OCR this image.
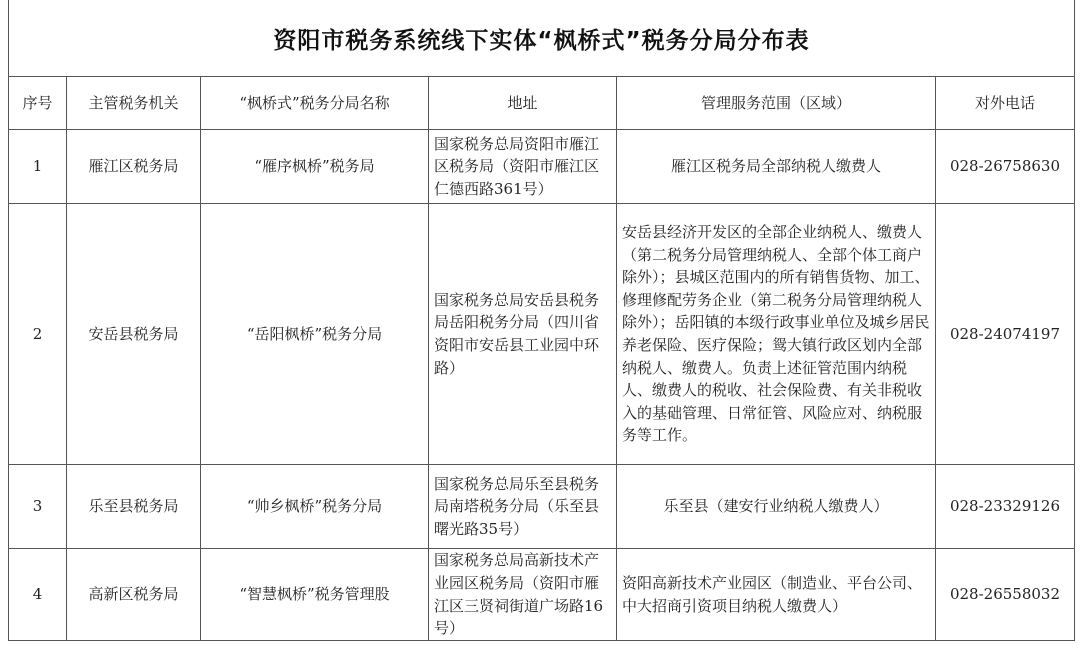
资阳市税务系统线下实体“枫桥式”税务分局分布表
序号	主管税务机关	“枫桥式”税务分局名称	地址	管理服务范围（区域）	对外电话
1	雁江区税务局	“雁序枫桥”税务局	国家税务总局资阳市雁江区税务局（资阳市雁江区仁德西路361号）	雁江区税务局全部纳税人缴费人	028-26758630
2	安岳县税务局	“岳阳枫桥”税务分局	国家税务总局安岳县税务局岳阳税务分局（四川省资阳市安岳县工业园中环路）	安岳县经济开发区的全部企业纳税人、缴费人（第二税务分局管理纳税人、全部个体工商户除外）；县城区范围内的所有销售货物、加工、修理修配劳务企业（第二税务分局管理纳税人除外）；岳阳镇的本级行政事业单位及城乡居民养老保险、医疗保险；鸳大镇行政区划内全部纳税人、缴费人。负责上述征管范围内纳税人、缴费人的税收、社会保险费、有关非税收入的基础管理、日常征管、风险应对、纳税服务等工作。	028-24074197
3	乐至县税务局	“帅乡枫桥”税务分局	国家税务总局乐至县税务局南塔税务分局（乐至县曙光路35号）	乐至县（建安行业纳税人缴费人）	028-23329126
4	高新区税务局	“智慧枫桥”税务管理股	国家税务总局高新技术产业园区税务局（资阳市雁江区三贤祠街道广场路16号）	资阳高新技术产业园区（制造业、平台公司、中大招商引资项目纳税人缴费人）	028-26558032
